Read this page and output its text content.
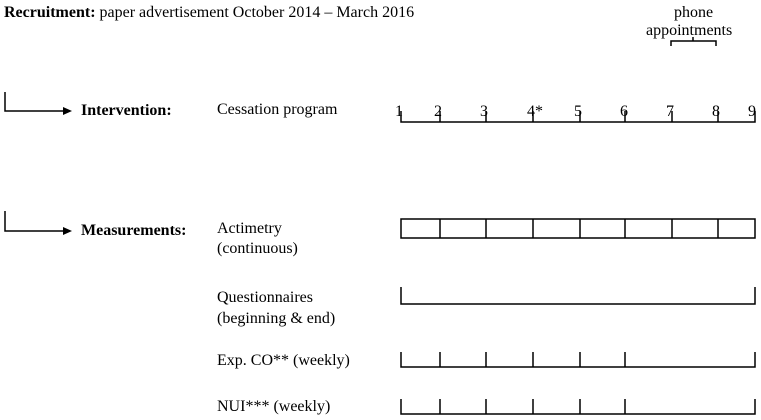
Recruitment: paper advertisement October 2014 – March 2016	phone
appointments
1 2 3 4* 5 6 7 8 9
Intervention:	Cessation program
Measurements: Actimetry
(continuous)
Questionnaires
(beginning & end)
Exp. CO** (weekly)
NUI*** (weekly)
